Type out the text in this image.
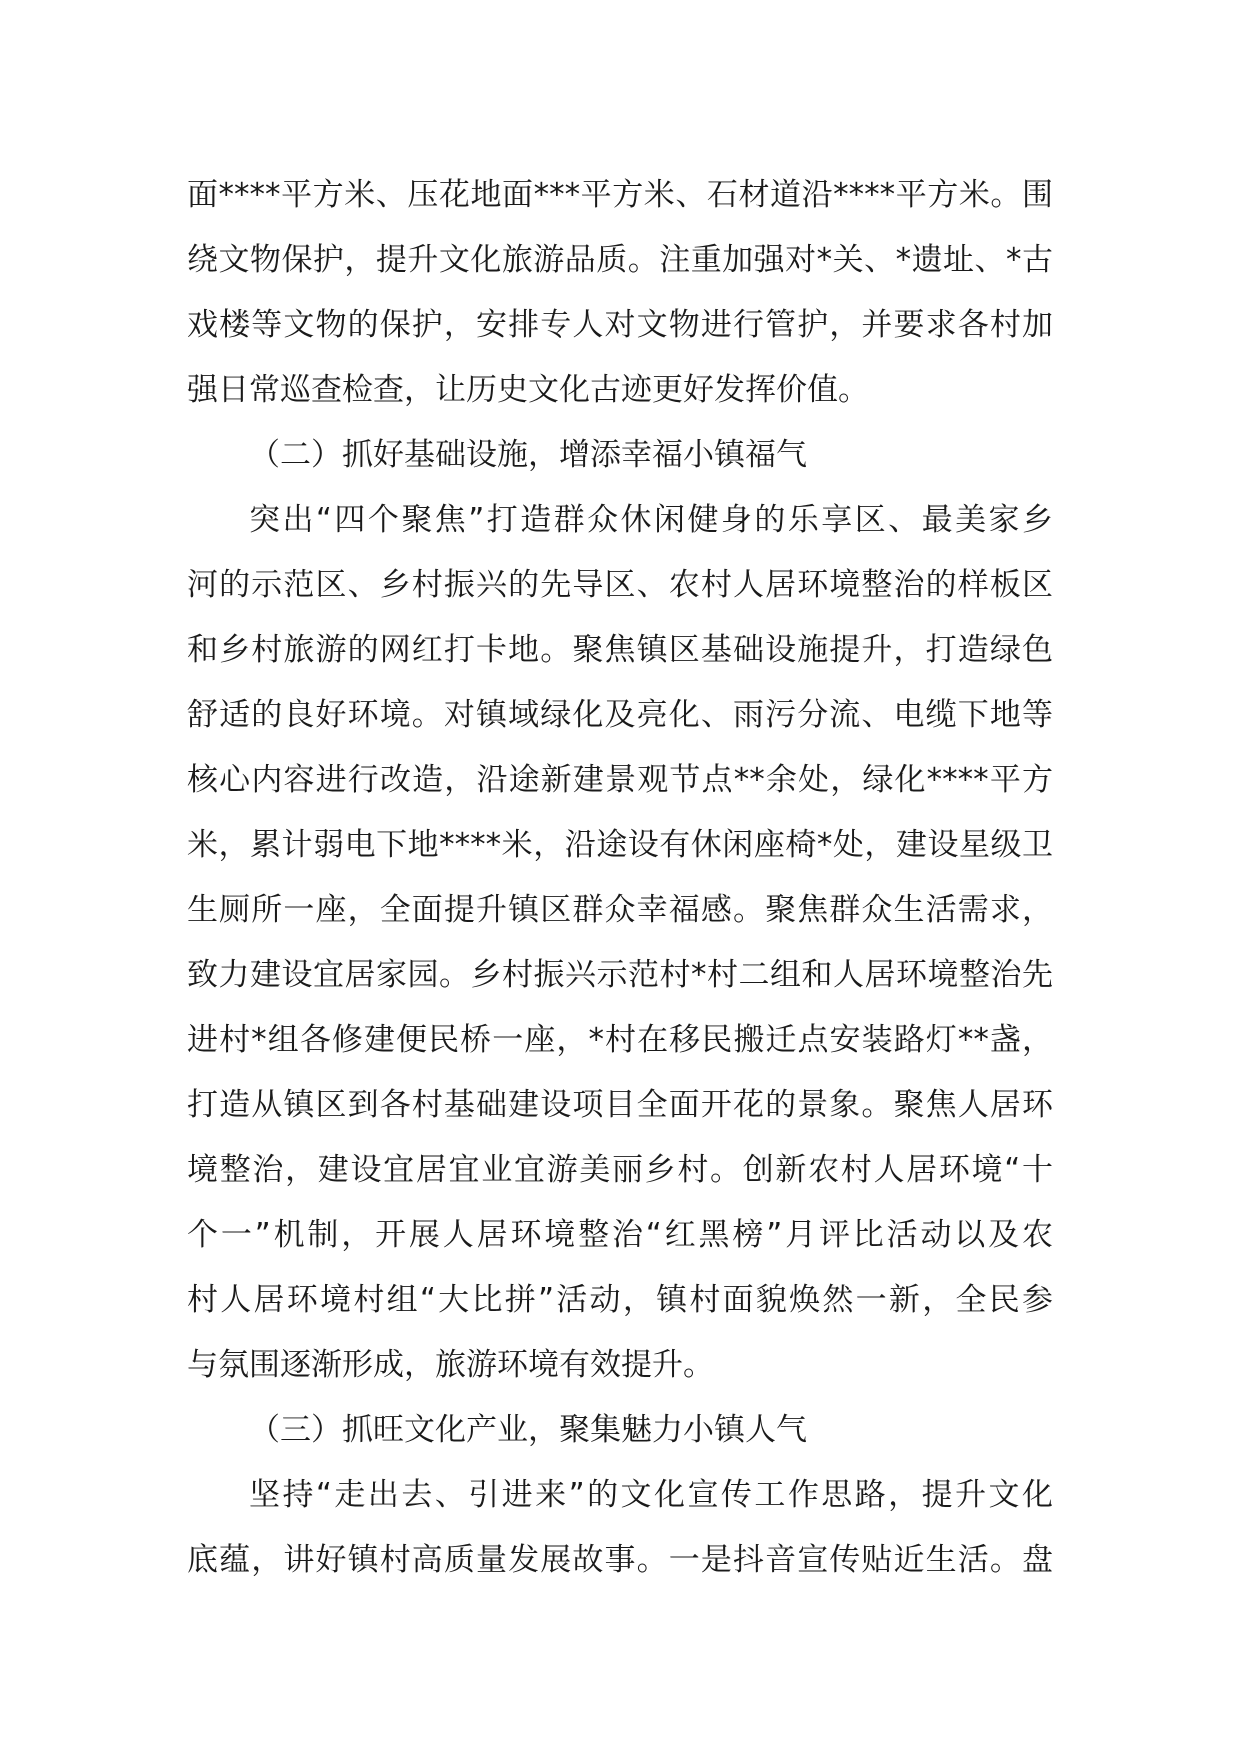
面****平方米、压花地面***平方米、石材道沿****平方米。围
绕文物保护，提升文化旅游品质。注重加强对*关、*遗址、*古
戏楼等文物的保护，安排专人对文物进行管护，并要求各村加
强日常巡查检查，让历史文化古迹更好发挥价值。
（二）抓好基础设施，增添幸福小镇福气
突出“四个聚焦”打造群众休闲健身的乐享区、最美家乡
河的示范区、乡村振兴的先导区、农村人居环境整治的样板区
和乡村旅游的网红打卡地。聚焦镇区基础设施提升，打造绿色
舒适的良好环境。对镇域绿化及亮化、雨污分流、电缆下地等
核心内容进行改造，沿途新建景观节点**余处，绿化****平方
米，累计弱电下地****米，沿途设有休闲座椅*处，建设星级卫
生厕所一座，全面提升镇区群众幸福感。聚焦群众生活需求，
致力建设宜居家园。乡村振兴示范村*村二组和人居环境整治先
进村*组各修建便民桥一座，*村在移民搬迁点安装路灯**盏，
打造从镇区到各村基础建设项目全面开花的景象。聚焦人居环
境整治，建设宜居宜业宜游美丽乡村。创新农村人居环境“十
个一”机制，开展人居环境整治“红黑榜”月评比活动以及农
村人居环境村组“大比拼”活动，镇村面貌焕然一新，全民参
与氛围逐渐形成，旅游环境有效提升。
（三）抓旺文化产业，聚集魅力小镇人气
坚持“走出去、引进来”的文化宣传工作思路，提升文化
底蕴，讲好镇村高质量发展故事。一是抖音宣传贴近生活。盘
